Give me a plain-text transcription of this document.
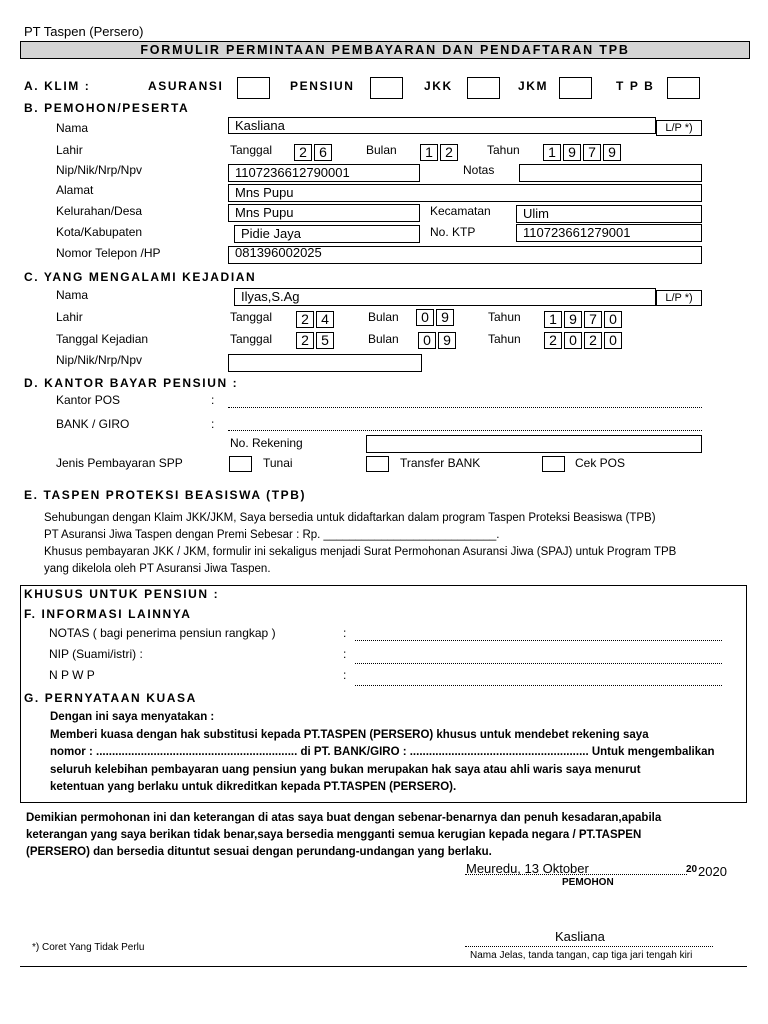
PT Taspen (Persero)
FORMULIR PERMINTAAN PEMBAYARAN DAN PENDAFTARAN TPB
A. KLIM :	ASURANSI	PENSIUN	JKK	JKM	T P B
B. PEMOHON/PESERTA
Nama	Kasliana	L/P *)
Lahir	Tanggal	2 6	Bulan	1 2	Tahun	1 9 7 9
Nip/Nik/Nrp/Npv	1107236612790001	Notas
Alamat	Mns Pupu
Kelurahan/Desa	Mns Pupu	Kecamatan	Ulim
Kota/Kabupaten	Pidie Jaya	No. KTP	110723661279001
Nomor Telepon /HP	081396002025
C. YANG MENGALAMI KEJADIAN
Nama	Ilyas,S.Ag	L/P *)
Lahir	Tanggal	2 4	Bulan	0 9	Tahun	1 9 7 0
Tanggal Kejadian	Tanggal	2 5	Bulan	0 9	Tahun	2 0 2 0
Nip/Nik/Nrp/Npv
D. KANTOR BAYAR PENSIUN :
Kantor POS	:
BANK / GIRO	:
No. Rekening
Jenis Pembayaran SPP	Tunai	Transfer BANK	Cek POS
E. TASPEN PROTEKSI BEASISWA (TPB)
Sehubungan dengan Klaim JKK/JKM, Saya bersedia untuk didaftarkan dalam program Taspen Proteksi Beasiswa (TPB)
PT Asuransi Jiwa Taspen dengan Premi Sebesar : Rp. ___________________________.
Khusus pembayaran JKK / JKM, formulir ini sekaligus menjadi Surat Permohonan Asuransi Jiwa (SPAJ) untuk Program TPB
yang dikelola oleh PT Asuransi Jiwa Taspen.
KHUSUS UNTUK PENSIUN :
F. INFORMASI LAINNYA
NOTAS ( bagi penerima pensiun rangkap )	:
NIP (Suami/istri) :	:
N P W P	:
G. PERNYATAAN KUASA
Dengan ini saya menyatakan :
Memberi kuasa dengan hak substitusi kepada PT.TASPEN (PERSERO) khusus untuk mendebet rekening saya
nomor : ............................................................... di PT. BANK/GIRO : ........................................................ Untuk mengembalikan
seluruh kelebihan pembayaran uang pensiun yang bukan merupakan hak saya atau ahli waris saya menurut
ketentuan yang berlaku untuk dikreditkan kepada PT.TASPEN (PERSERO).
Demikian permohonan ini dan keterangan di atas saya buat dengan sebenar-benarnya dan penuh kesadaran,apabila
keterangan yang saya berikan tidak benar,saya bersedia mengganti semua kerugian kepada negara / PT.TASPEN
(PERSERO) dan bersedia dituntut sesuai dengan perundang-undangan yang berlaku.
Meuredu, 13 Oktober	20 2020
PEMOHON
Kasliana
Nama Jelas, tanda tangan, cap tiga jari tengah kiri
*) Coret Yang Tidak Perlu
